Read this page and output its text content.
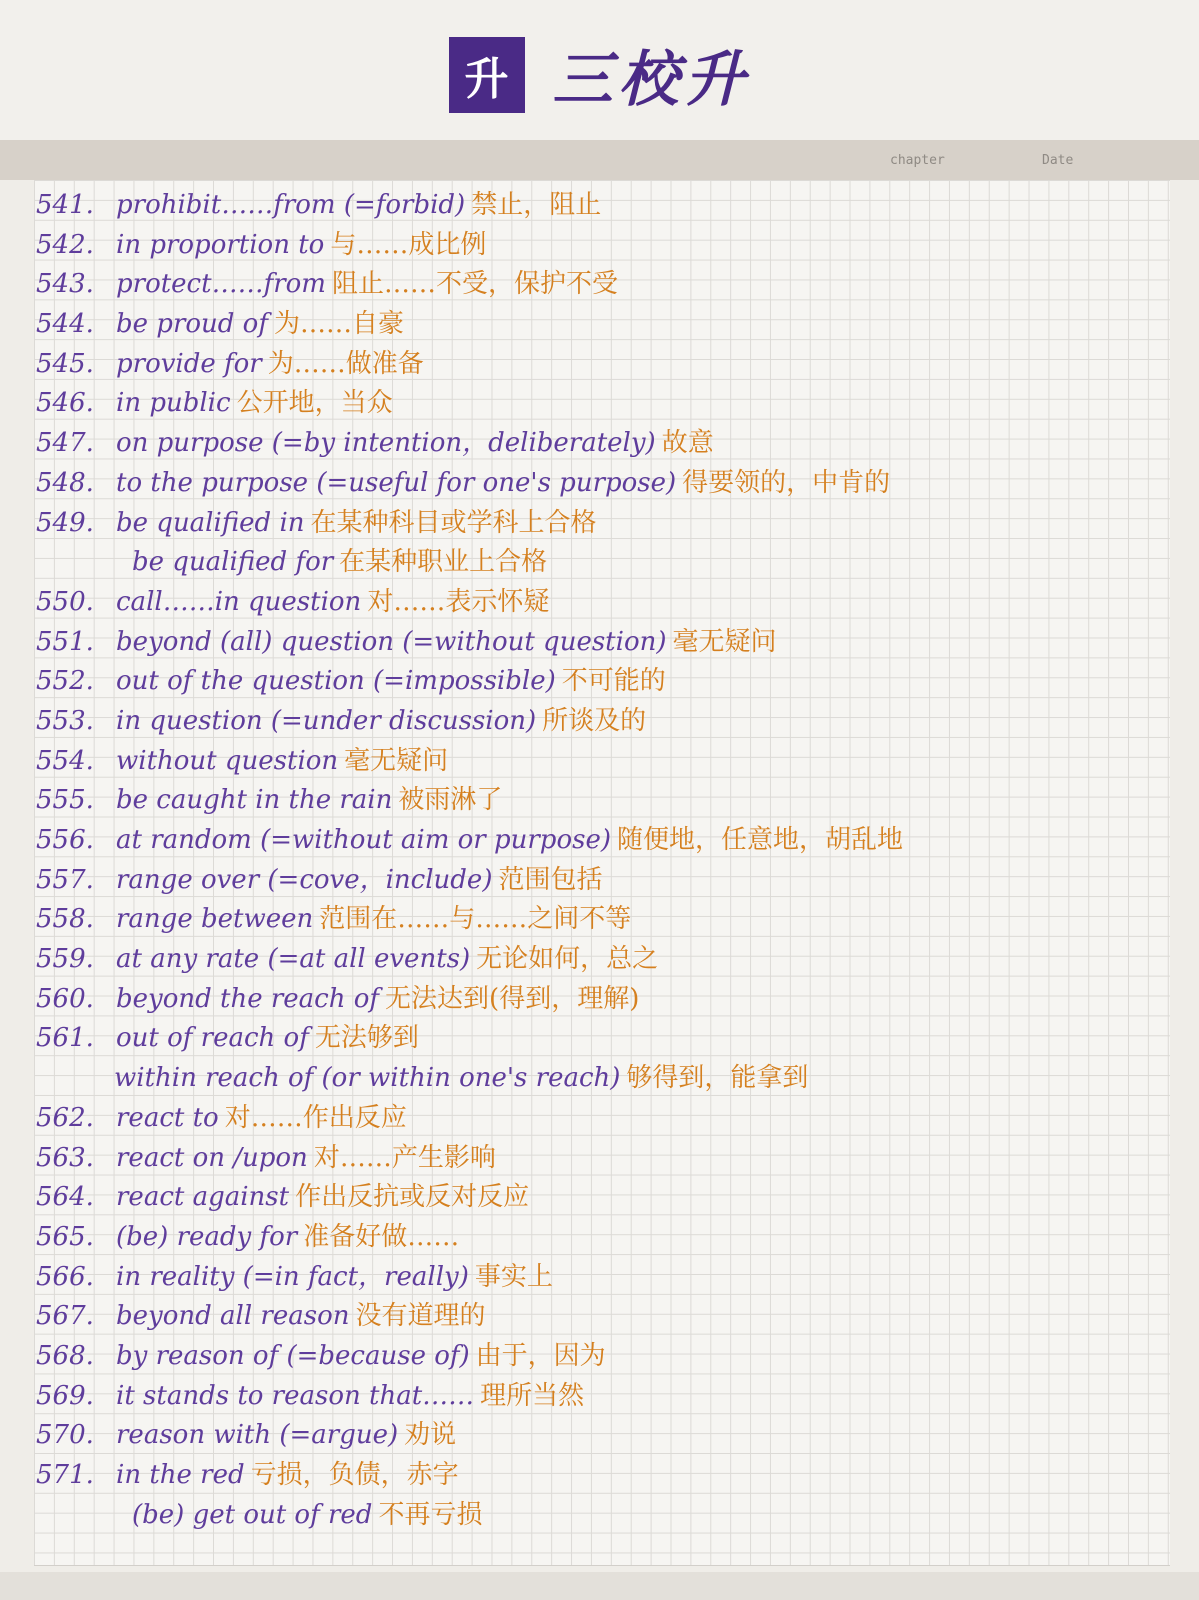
升 三校升
chapter	Date
541. prohibit……from (=forbid) 禁止，阻止
542. in proportion to 与……成比例
543. protect……from 阻止……不受，保护不受
544. be proud of 为……自豪
545. provide for 为……做准备
546. in public 公开地，当众
547. on purpose (=by intention，deliberately) 故意
548. to the purpose (=useful for one's purpose) 得要领的，中肯的
549. be qualified in 在某种科目或学科上合格
be qualified for 在某种职业上合格
550. call……in question 对……表示怀疑
551. beyond (all) question (=without question) 毫无疑问
552. out of the question (=impossible) 不可能的
553. in question (=under discussion) 所谈及的
554. without question 毫无疑问
555. be caught in the rain 被雨淋了
556. at random (=without aim or purpose) 随便地，任意地，胡乱地
557. range over (=cove，include) 范围包括
558. range between 范围在……与……之间不等
559. at any rate (=at all events) 无论如何，总之
560. beyond the reach of 无法达到(得到，理解)
561. out of reach of 无法够到
within reach of (or within one's reach) 够得到，能拿到
562. react to 对……作出反应
563. react on /upon 对……产生影响
564. react against 作出反抗或反对反应
565. (be) ready for 准备好做……
566. in reality (=in fact，really) 事实上
567. beyond all reason 没有道理的
568. by reason of (=because of) 由于，因为
569. it stands to reason that…… 理所当然
570. reason with (=argue) 劝说
571. in the red 亏损，负债，赤字
(be) get out of red 不再亏损
